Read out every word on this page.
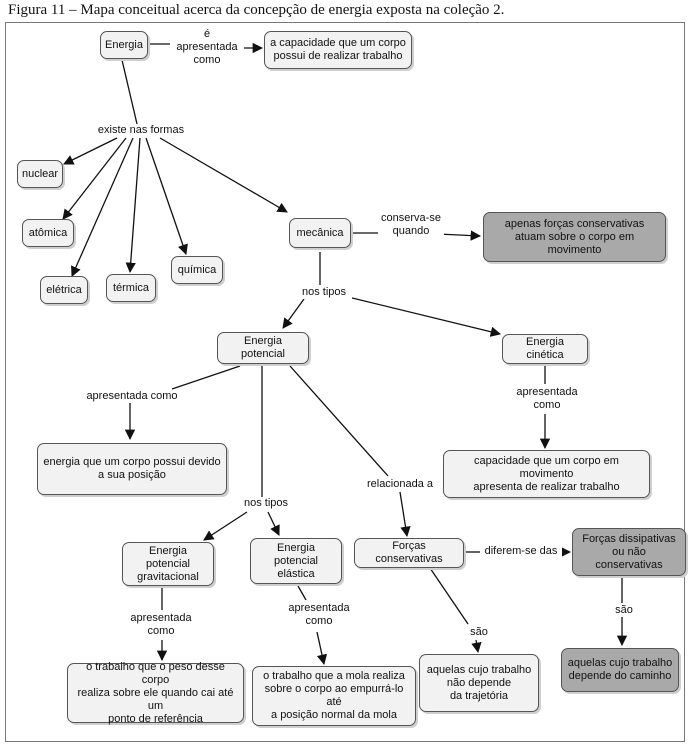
Figura 11 – Mapa conceitual acerca da concepção de energia exposta na coleção 2.
é apresentada
como
existe nas formas
conserva-se
quando
nos tipos
apresentada como	apresentada
como
nos tipos
relacionada a
diferem-se das
apresentada
como
apresentada
como
são
são
Energia	a capacidade que um corpo
possui de realizar trabalho
nuclear
atômica
elétrica	térmica
química
mecânica
apenas forças conservativas
atuam sobre o corpo em movimento
Energia potencial
Energia cinética
energia que um corpo possui devido
a sua posição
capacidade que um corpo em movimento
apresenta de realizar trabalho
Energia potencial
gravitacional
Energia potencial
elástica
Forças conservativas
Forças dissipativas
ou não conservativas
o trabalho que o peso desse corpo
realiza sobre ele quando cai até um
ponto de referência
o trabalho que a mola realiza
sobre o corpo ao empurrá-lo até
a posição normal da mola
aquelas cujo trabalho
não depende
da trajetória
aquelas cujo trabalho
depende do caminho
